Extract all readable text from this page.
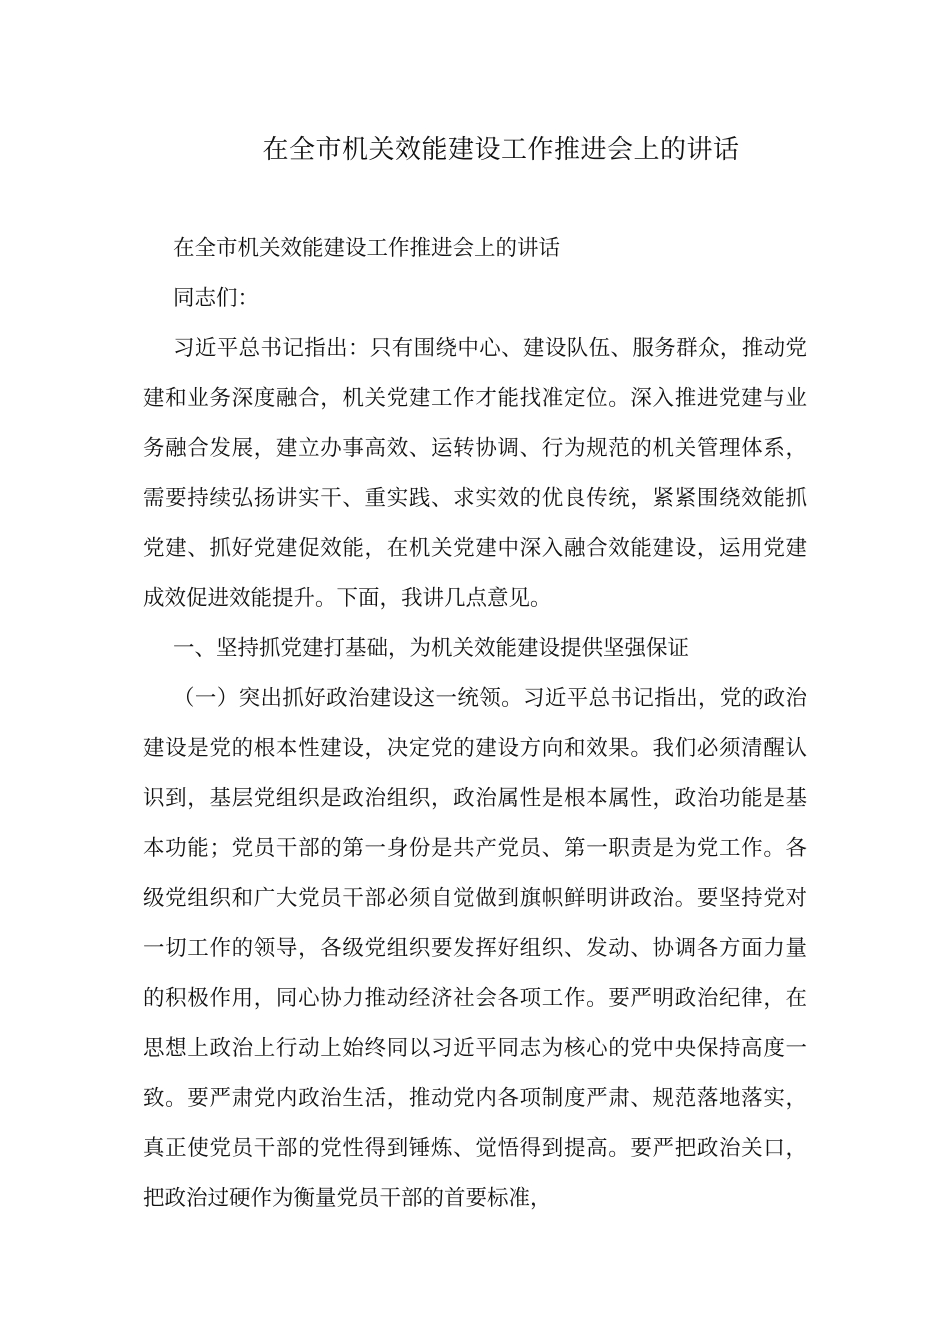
在全市机关效能建设工作推进会上的讲话

在全市机关效能建设工作推进会上的讲话

同志们：

习近平总书记指出：只有围绕中心、建设队伍、服务群众，推动党建和业务深度融合，机关党建工作才能找准定位。深入推进党建与业务融合发展，建立办事高效、运转协调、行为规范的机关管理体系，需要持续弘扬讲实干、重实践、求实效的优良传统，紧紧围绕效能抓党建、抓好党建促效能，在机关党建中深入融合效能建设，运用党建成效促进效能提升。下面，我讲几点意见。

一、坚持抓党建打基础，为机关效能建设提供坚强保证

（一）突出抓好政治建设这一统领。习近平总书记指出，党的政治建设是党的根本性建设，决定党的建设方向和效果。我们必须清醒认识到，基层党组织是政治组织，政治属性是根本属性，政治功能是基本功能；党员干部的第一身份是共产党员、第一职责是为党工作。各级党组织和广大党员干部必须自觉做到旗帜鲜明讲政治。要坚持党对一切工作的领导，各级党组织要发挥好组织、发动、协调各方面力量的积极作用，同心协力推动经济社会各项工作。要严明政治纪律，在思想上政治上行动上始终同以习近平同志为核心的党中央保持高度一致。要严肃党内政治生活，推动党内各项制度严肃、规范落地落实，真正使党员干部的党性得到锤炼、觉悟得到提高。要严把政治关口，把政治过硬作为衡量党员干部的首要标准，
